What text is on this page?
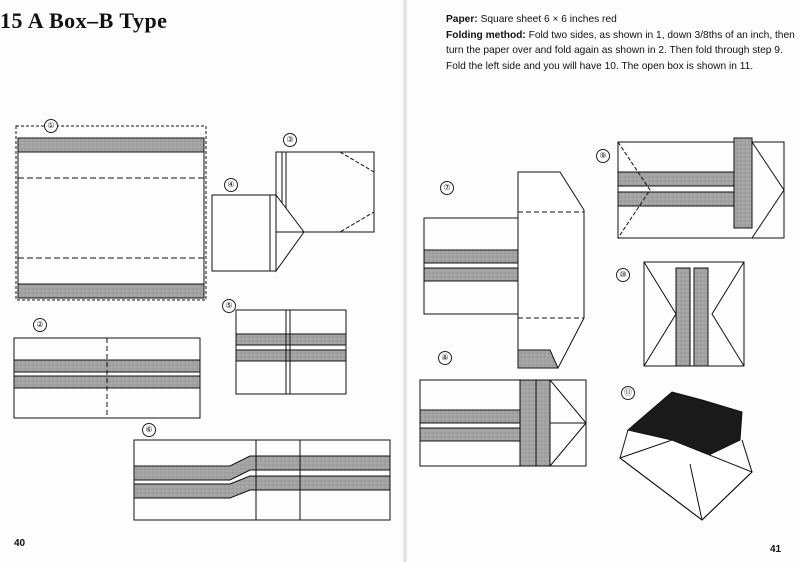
15 A Box–B Type	Paper: Square sheet 6 × 6 inches red
Folding method: Fold two sides, as shown in 1, down 3/8ths of an inch, then turn the paper over and fold again as shown in 2. Then fold through step 9. Fold the left side and you will have 10. The open box is shown in 11.
①
②
③
④
⑤
⑥
⑦
⑧
⑨
⑩
⑪
40
41
